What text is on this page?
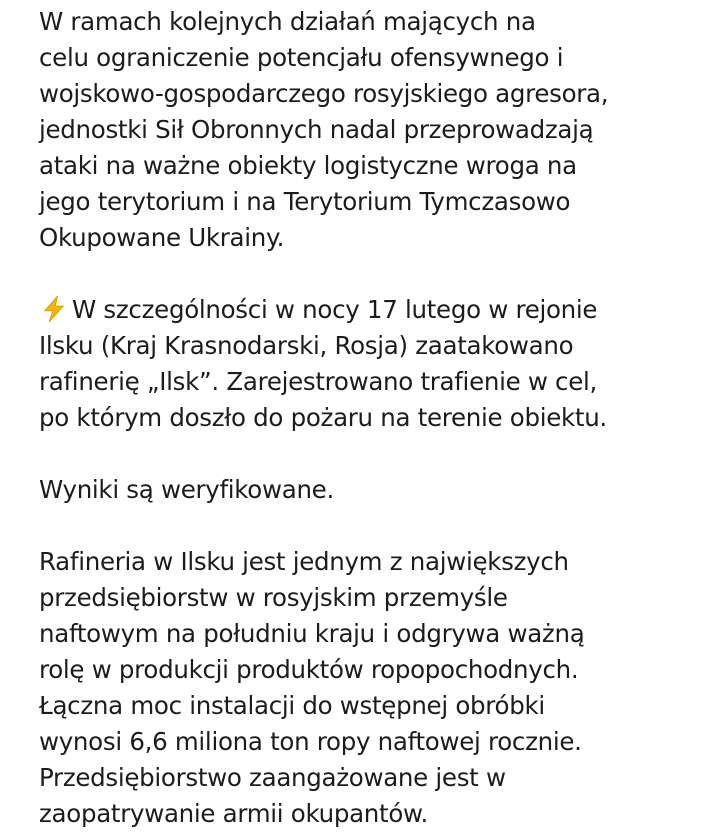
W ramach kolejnych działań mających na
celu ograniczenie potencjału ofensywnego i
wojskowo-gospodarczego rosyjskiego agresora,
jednostki Sił Obronnych nadal przeprowadzają
ataki na ważne obiekty logistyczne wroga na
jego terytorium i na Terytorium Tymczasowo
Okupowane Ukrainy.
W szczególności w nocy 17 lutego w rejonie
Ilsku (Kraj Krasnodarski, Rosja) zaatakowano
rafinerię „Ilsk”. Zarejestrowano trafienie w cel,
po którym doszło do pożaru na terenie obiektu.
Wyniki są weryfikowane.
Rafineria w Ilsku jest jednym z największych
przedsiębiorstw w rosyjskim przemyśle
naftowym na południu kraju i odgrywa ważną
rolę w produkcji produktów ropopochodnych.
Łączna moc instalacji do wstępnej obróbki
wynosi 6,6 miliona ton ropy naftowej rocznie.
Przedsiębiorstwo zaangażowane jest w
zaopatrywanie armii okupantów.
